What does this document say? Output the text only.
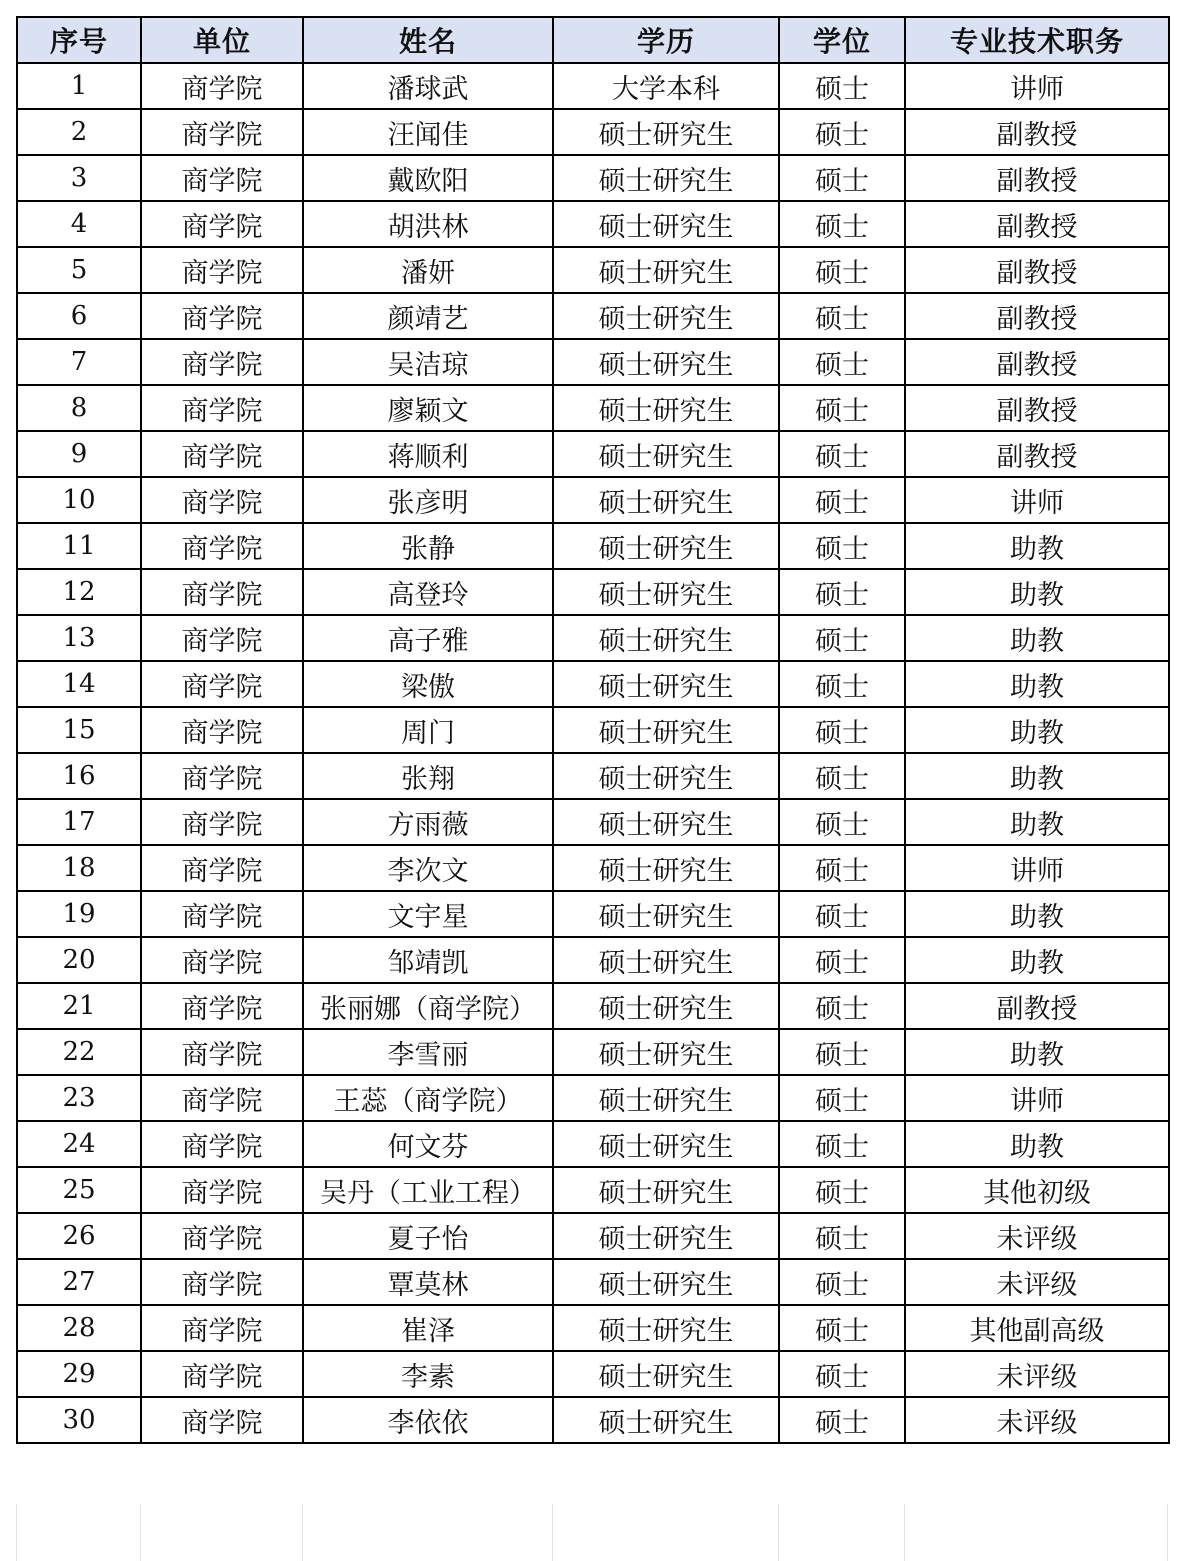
序号	单位	姓名	学历	学位	专业技术职务
1	商学院	潘球武	大学本科	硕士	讲师
2	商学院	汪闻佳	硕士研究生	硕士	副教授
3	商学院	戴欧阳	硕士研究生	硕士	副教授
4	商学院	胡洪林	硕士研究生	硕士	副教授
5	商学院	潘妍	硕士研究生	硕士	副教授
6	商学院	颜靖艺	硕士研究生	硕士	副教授
7	商学院	吴洁琼	硕士研究生	硕士	副教授
8	商学院	廖颖文	硕士研究生	硕士	副教授
9	商学院	蒋顺利	硕士研究生	硕士	副教授
10	商学院	张彦明	硕士研究生	硕士	讲师
11	商学院	张静	硕士研究生	硕士	助教
12	商学院	高登玲	硕士研究生	硕士	助教
13	商学院	高子雅	硕士研究生	硕士	助教
14	商学院	梁傲	硕士研究生	硕士	助教
15	商学院	周门	硕士研究生	硕士	助教
16	商学院	张翔	硕士研究生	硕士	助教
17	商学院	方雨薇	硕士研究生	硕士	助教
18	商学院	李次文	硕士研究生	硕士	讲师
19	商学院	文宇星	硕士研究生	硕士	助教
20	商学院	邹靖凯	硕士研究生	硕士	助教
21	商学院	张丽娜（商学院）	硕士研究生	硕士	副教授
22	商学院	李雪丽	硕士研究生	硕士	助教
23	商学院	王蕊（商学院）	硕士研究生	硕士	讲师
24	商学院	何文芬	硕士研究生	硕士	助教
25	商学院	吴丹（工业工程）	硕士研究生	硕士	其他初级
26	商学院	夏子怡	硕士研究生	硕士	未评级
27	商学院	覃莫林	硕士研究生	硕士	未评级
28	商学院	崔泽	硕士研究生	硕士	其他副高级
29	商学院	李素	硕士研究生	硕士	未评级
30	商学院	李依依	硕士研究生	硕士	未评级
